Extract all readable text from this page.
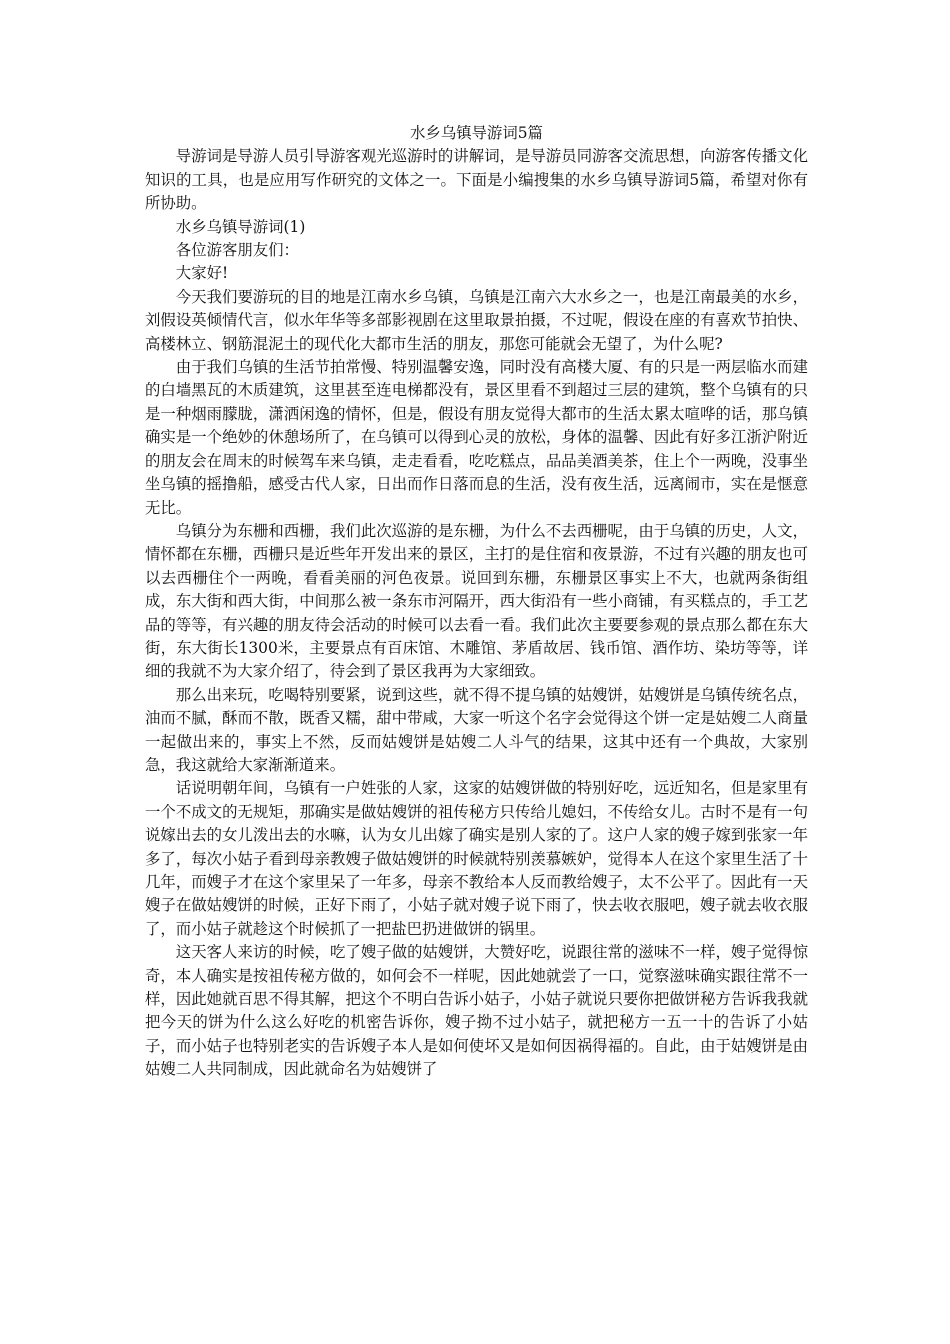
水乡乌镇导游词5篇

导游词是导游人员引导游客观光巡游时的讲解词，是导游员同游客交流思想，向游客传播文化知识的工具，也是应用写作研究的文体之一。下面是小编搜集的水乡乌镇导游词5篇，希望对你有所协助。

水乡乌镇导游词(1)

各位游客朋友们：

大家好!

今天我们要游玩的目的地是江南水乡乌镇，乌镇是江南六大水乡之一，也是江南最美的水乡，刘假设英倾情代言，似水年华等多部影视剧在这里取景拍摄，不过呢，假设在座的有喜欢节拍快、高楼林立、钢筋混泥土的现代化大都市生活的朋友，那您可能就会无望了，为什么呢?

由于我们乌镇的生活节拍常慢、特别温馨安逸，同时没有高楼大厦、有的只是一两层临水而建的白墙黑瓦的木质建筑，这里甚至连电梯都没有，景区里看不到超过三层的建筑，整个乌镇有的只是一种烟雨朦胧，潇洒闲逸的情怀，但是，假设有朋友觉得大都市的生活太累太喧哗的话，那乌镇确实是一个绝妙的休憩场所了，在乌镇可以得到心灵的放松，身体的温馨、因此有好多江浙沪附近的朋友会在周末的时候驾车来乌镇，走走看看，吃吃糕点，品品美酒美茶，住上个一两晚，没事坐坐乌镇的摇撸船，感受古代人家，日出而作日落而息的生活，没有夜生活，远离闹市，实在是惬意无比。

乌镇分为东栅和西栅，我们此次巡游的是东栅，为什么不去西栅呢，由于乌镇的历史，人文，情怀都在东栅，西栅只是近些年开发出来的景区，主打的是住宿和夜景游，不过有兴趣的朋友也可以去西栅住个一两晚，看看美丽的河色夜景。说回到东栅，东栅景区事实上不大，也就两条街组成，东大街和西大街，中间那么被一条东市河隔开，西大街沿有一些小商铺，有买糕点的，手工艺品的等等，有兴趣的朋友待会活动的时候可以去看一看。我们此次主要要参观的景点那么都在东大街，东大街长1300米，主要景点有百床馆、木雕馆、茅盾故居、钱币馆、酒作坊、染坊等等，详细的我就不为大家介绍了，待会到了景区我再为大家细致。

那么出来玩，吃喝特别要紧，说到这些，就不得不提乌镇的姑嫂饼，姑嫂饼是乌镇传统名点，油而不腻，酥而不散，既香又糯，甜中带咸，大家一听这个名字会觉得这个饼一定是姑嫂二人商量一起做出来的，事实上不然，反而姑嫂饼是姑嫂二人斗气的结果，这其中还有一个典故，大家别急，我这就给大家渐渐道来。

话说明朝年间，乌镇有一户姓张的人家，这家的姑嫂饼做的特别好吃，远近知名，但是家里有一个不成文的无规矩，那确实是做姑嫂饼的祖传秘方只传给儿媳妇，不传给女儿。古时不是有一句说嫁出去的女儿泼出去的水嘛，认为女儿出嫁了确实是别人家的了。这户人家的嫂子嫁到张家一年多了，每次小姑子看到母亲教嫂子做姑嫂饼的时候就特别羡慕嫉妒，觉得本人在这个家里生活了十几年，而嫂子才在这个家里呆了一年多，母亲不教给本人反而教给嫂子，太不公平了。因此有一天嫂子在做姑嫂饼的时候，正好下雨了，小姑子就对嫂子说下雨了，快去收衣服吧，嫂子就去收衣服了，而小姑子就趁这个时候抓了一把盐巴扔进做饼的锅里。

这天客人来访的时候，吃了嫂子做的姑嫂饼，大赞好吃，说跟往常的滋味不一样，嫂子觉得惊奇，本人确实是按祖传秘方做的，如何会不一样呢，因此她就尝了一口，觉察滋味确实跟往常不一样，因此她就百思不得其解，把这个不明白告诉小姑子，小姑子就说只要你把做饼秘方告诉我我就把今天的饼为什么这么好吃的机密告诉你，嫂子拗不过小姑子，就把秘方一五一十的告诉了小姑子，而小姑子也特别老实的告诉嫂子本人是如何使坏又是如何因祸得福的。自此，由于姑嫂饼是由姑嫂二人共同制成，因此就命名为姑嫂饼了
